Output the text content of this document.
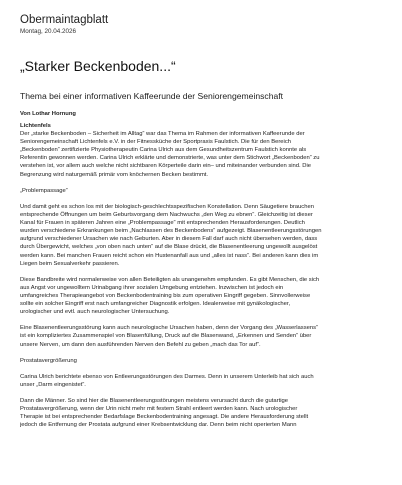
Obermaintagblatt
Montag, 20.04.2026
„Starker Beckenboden...“
Thema bei einer informativen Kaffeerunde der Seniorengemeinschaft
Von Lothar Hornung
Lichtenfels
Der „starke Beckenboden – Sicherheit im Alltag“ war das Thema im Rahmen der informativen Kaffeerunde der
Seniorengemeinschaft Lichtenfels e.V. in der Fitnessküche der Sportpraxis Faulstich. Die für den Bereich
„Beckenboden“ zertifizierte Physiotherapeutin Carina Ulrich aus dem Gesundheitszentrum Faulstich konnte als
Referentin gewonnen werden. Carina Ulrich erklärte und demonstrierte, was unter dem Stichwort „Beckenboden“ zu
verstehen ist, vor allem auch welche nicht sichtbaren Körperteile darin ein– und miteinander verbunden sind. Die
Begrenzung wird naturgemäß primär vom knöchernen Becken bestimmt.
„Problempassage“
Und damit geht es schon los mit der biologisch-geschlechtsspezifischen Konstellation. Denn Säugetiere brauchen
entsprechende Öffnungen um beim Geburtsvorgang dem Nachwuchs „den Weg zu ebnen“. Gleichzeitig ist dieser
Kanal für Frauen in späteren Jahren eine „Problempassage“ mit entsprechenden Herausforderungen. Deutlich
wurden verschiedene Erkrankungen beim „Nachlassen des Beckenbodens“ aufgezeigt. Blasenentleerungsstörungen
aufgrund verschiedener Ursachen wie nach Geburten. Aber in diesem Fall darf auch nicht übersehen werden, dass
durch Übergewicht, welches „von oben nach unten“ auf die Blase drückt, die Blasenentleerung ungewollt ausgelöst
werden kann. Bei manchen Frauen reicht schon ein Hustenanfall aus und „alles ist nass“. Bei anderen kann dies im
Liegen beim Sexualverkehr passieren.
Diese Bandbreite wird normalerweise von allen Beteiligten als unangenehm empfunden. Es gibt Menschen, die sich
aus Angst vor ungewolltem Urinabgang ihrer sozialen Umgebung entziehen. Inzwischen ist jedoch ein
umfangreiches Therapieangebot von Beckenbodentraining bis zum operativen Eingriff gegeben. Sinnvollerweise
sollte ein solcher Eingriff erst nach umfangreicher Diagnostik erfolgen. Idealerweise mit gynäkologischer,
urologischer und evtl. auch neurologischer Untersuchung.
Eine Blasenentleerungsstörung kann auch neurologische Ursachen haben, denn der Vorgang des „Wasserlassens“
ist ein kompliziertes Zusammenspiel von Blasenfüllung, Druck auf die Blasenwand, „Erkennen und Senden“ über
unsere Nerven, um dann den ausführenden Nerven den Befehl zu geben „mach das Tor auf“.
Prostatavergrößerung
Carina Ulrich berichtete ebenso von Entleerungsstörungen des Darmes. Denn in unserem Unterleib hat sich auch
unser „Darm eingenistet“.
Dann die Männer. So sind hier die Blasenentleerungsstörungen meistens verursacht durch die gutartige
Prostatavergrößerung, wenn der Urin nicht mehr mit festem Strahl entleert werden kann. Nach urologischer
Therapie ist bei entsprechender Bedarfslage Beckenbodentraining angesagt. Die andere Herausforderung stellt
jedoch die Entfernung der Prostata aufgrund einer Krebsentwicklung dar. Denn beim nicht operierten Mann
